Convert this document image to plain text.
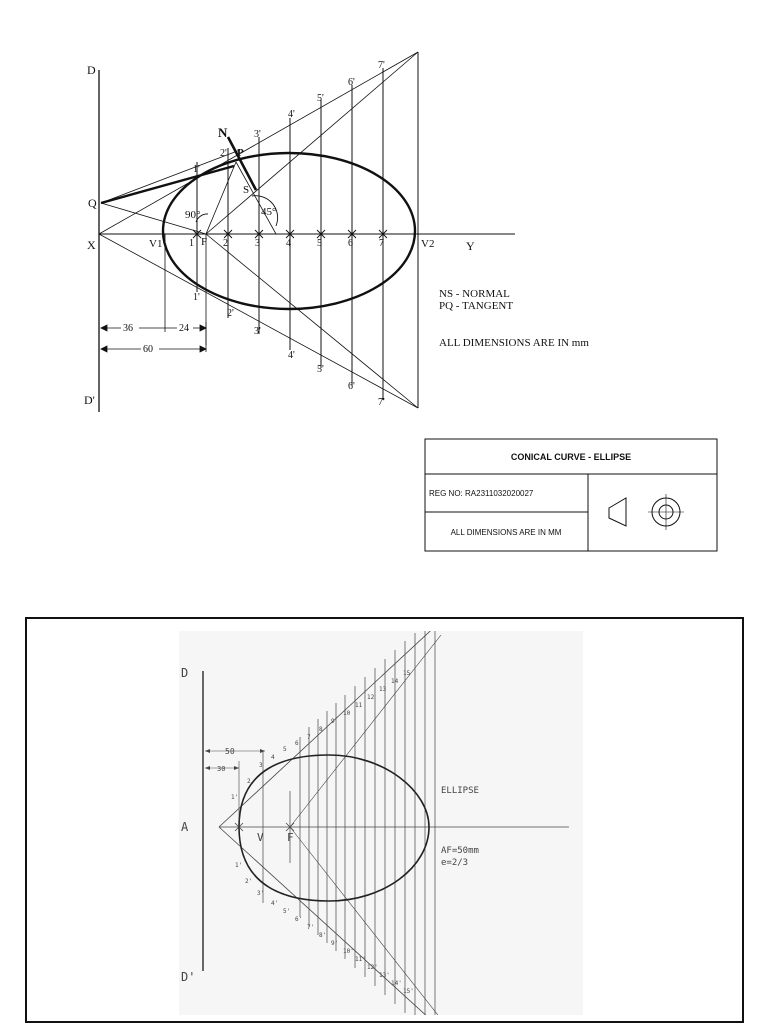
D
D'
Q
X	Y
V1	V2
F
N
P
S
90°	45°
1	2	3	4	5	6	7
1'
2'
3'
4'
5'
6'
7'
1'
2'
3'
4'
5'
6'
7'
36	24
60
NS - NORMAL
PQ - TANGENT
ALL DIMENSIONS ARE IN mm
CONICAL CURVE - ELLIPSE
REG NO: RA2311032020027
ALL DIMENSIONS ARE IN MM
D
D'
A
V F
50
30
ELLIPSE
AF=50mm
e=2/3
1'
2
3
4
5
6
7
8
9
10
11
12
13
14
15
1'
2'
3'
4'
5'
6'
7'
8'
9'
10'
11'
12'
13'
14'
15'
